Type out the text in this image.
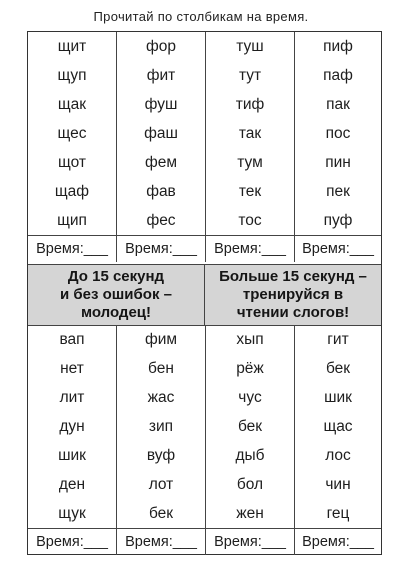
Прочитай по столбикам на время.
щит	фор	туш	пиф
щуп	фит	тут	паф
щак	фуш	тиф	пак
щес	фаш	так	пос
щот	фем	тум	пин
щаф	фав	тек	пек
щип	фес	тос	пуф
Время:___	Время:___	Время:___	Время:___
До 15 секунд
и без ошибок –
молодец!
Больше 15 секунд –
тренируйся в
чтении слогов!
вап	фим	хып	гит
нет	бен	рёж	бек
лит	жас	чус	шик
дун	зип	бек	щас
шик	вуф	дыб	лос
ден	лот	бол	чин
щук	бек	жен	гец
Время:___	Время:___	Время:___	Время:___
